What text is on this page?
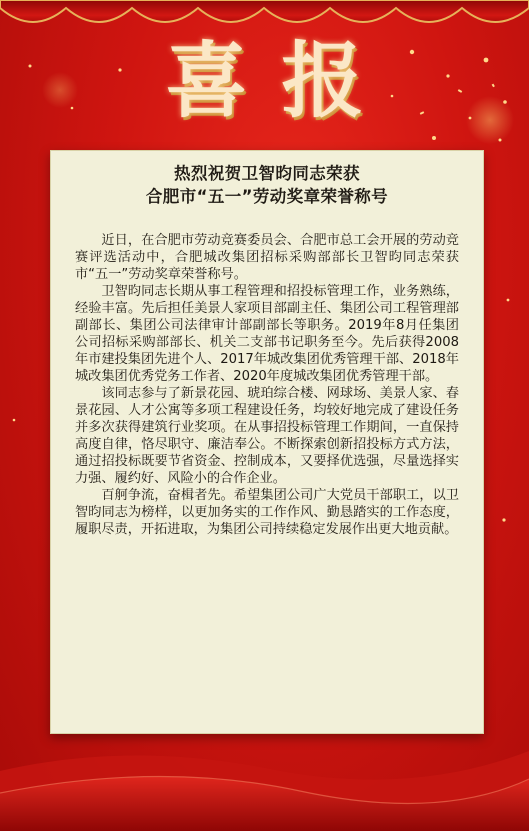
喜报
热烈祝贺卫智昀同志荣获
合肥市“五一”劳动奖章荣誉称号

近日，在合肥市劳动竞赛委员会、合肥市总工会开展的劳动竞赛评选活动中，合肥城改集团招标采购部部长卫智昀同志荣获市“五一”劳动奖章荣誉称号。

卫智昀同志长期从事工程管理和招投标管理工作，业务熟练，经验丰富。先后担任美景人家项目部副主任、集团公司工程管理部副部长、集团公司法律审计部副部长等职务。2019年8月任集团公司招标采购部部长、机关二支部书记职务至今。先后获得2008年市建投集团先进个人、2017年城改集团优秀管理干部、2018年城改集团优秀党务工作者、2020年度城改集团优秀管理干部。

该同志参与了新景花园、琥珀综合楼、网球场、美景人家、春景花园、人才公寓等多项工程建设任务，均较好地完成了建设任务并多次获得建筑行业奖项。在从事招投标管理工作期间，一直保持高度自律，恪尽职守、廉洁奉公。不断探索创新招投标方式方法，通过招投标既要节省资金、控制成本，又要择优选强，尽量选择实力强、履约好、风险小的合作企业。

百舸争流，奋楫者先。希望集团公司广大党员干部职工，以卫智昀同志为榜样，以更加务实的工作作风、勤恳踏实的工作态度，履职尽责，开拓进取，为集团公司持续稳定发展作出更大地贡献。
